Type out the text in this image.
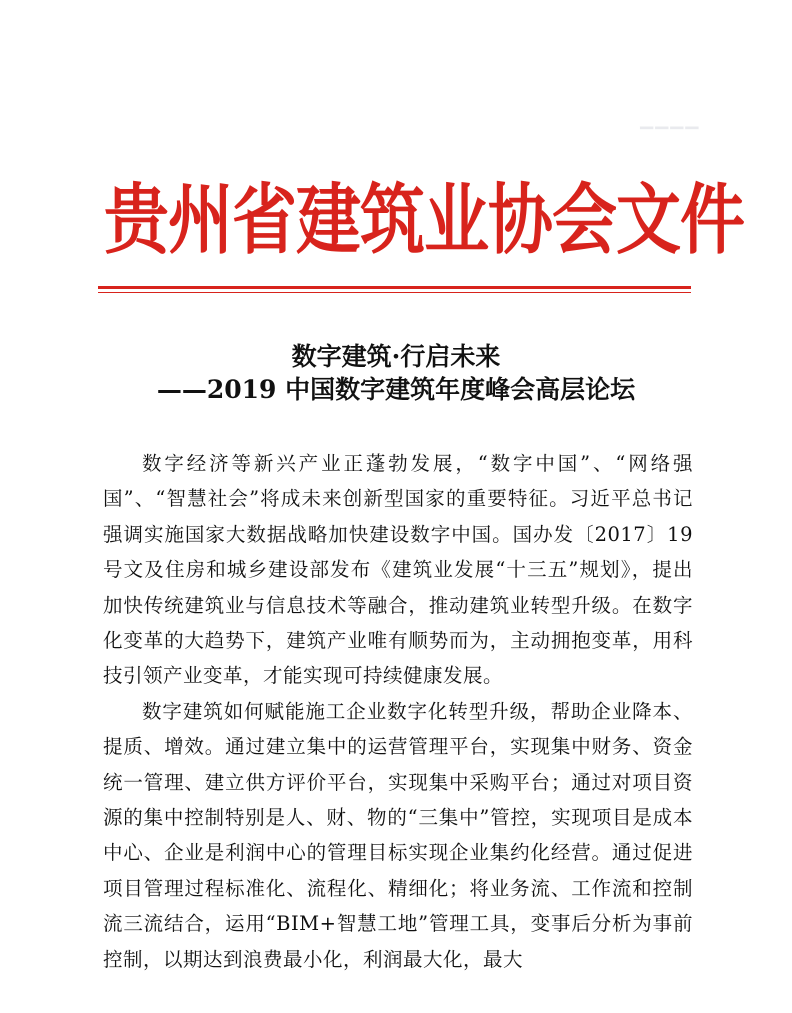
▁▁▁▁
贵州省建筑业协会文件
数字建筑·行启未来
——2019 中国数字建筑年度峰会高层论坛

数字经济等新兴产业正蓬勃发展，“数字中国”、“网络强国”、“智慧社会”将成未来创新型国家的重要特征。习近平总书记强调实施国家大数据战略加快建设数字中国。国办发〔2017〕19号文及住房和城乡建设部发布《建筑业发展“十三五”规划》，提出加快传统建筑业与信息技术等融合，推动建筑业转型升级。在数字化变革的大趋势下，建筑产业唯有顺势而为，主动拥抱变革，用科技引领产业变革，才能实现可持续健康发展。

数字建筑如何赋能施工企业数字化转型升级，帮助企业降本、提质、增效。通过建立集中的运营管理平台，实现集中财务、资金统一管理、建立供方评价平台，实现集中采购平台；通过对项目资源的集中控制特别是人、财、物的“三集中”管控，实现项目是成本中心、企业是利润中心的管理目标实现企业集约化经营。通过促进项目管理过程标准化、流程化、精细化；将业务流、工作流和控制流三流结合，运用“BIM+智慧工地”管理工具，变事后分析为事前控制，以期达到浪费最小化，利润最大化，最大
